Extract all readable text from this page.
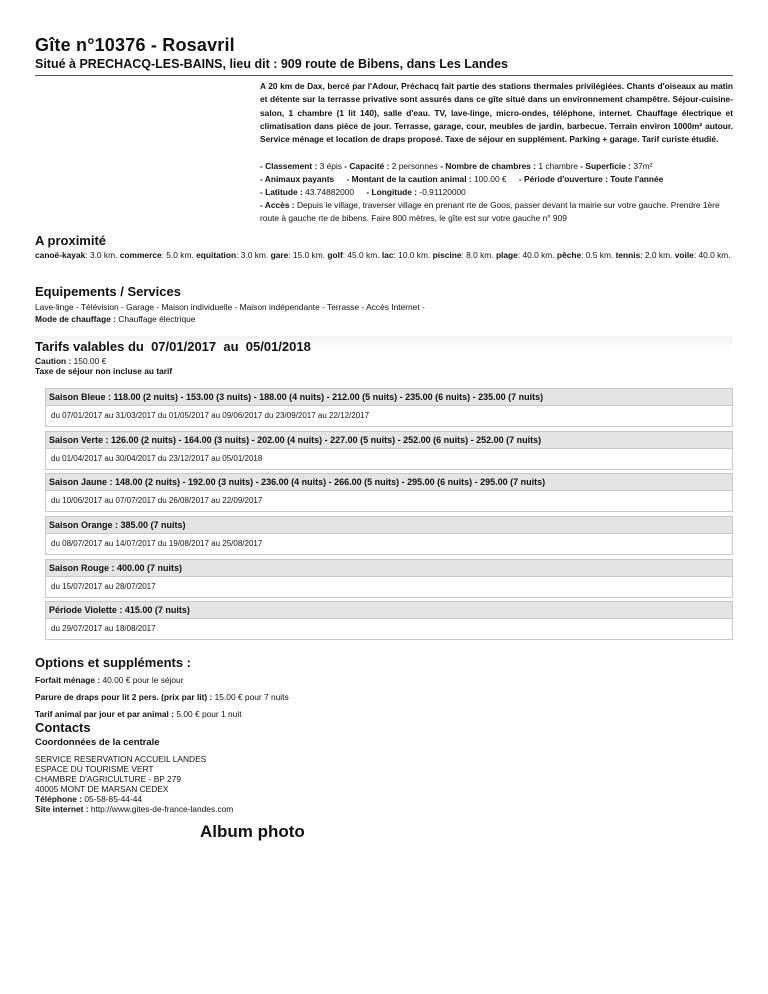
Gîte n°10376 - Rosavril

Situé à PRECHACQ-LES-BAINS, lieu dit : 909 route de Bibens, dans Les Landes

A 20 km de Dax, bercé par l'Adour, Préchacq fait partie des stations thermales privilégiées. Chants d'oiseaux au matin et détente sur la terrasse privative sont assurés dans ce gîte situé dans un environnement champêtre. Séjour-cuisine-salon, 1 chambre (1 lit 140), salle d'eau. TV, lave-linge, micro-ondes, téléphone, internet. Chauffage électrique et climatisation dans pièce de jour. Terrasse, garage, cour, meubles de jardin, barbecue. Terrain environ 1000m² autour. Service ménage et location de draps proposé. Taxe de séjour en supplément. Parking + garage. Tarif curiste étudié.

- Classement : 3 épis - Capacité : 2 personnes - Nombre de chambres : 1 chambre - Superficie : 37m²
- Animaux payants - Montant de la caution animal : 100.00 € - Période d'ouverture : Toute l'année
- Latitude : 43.74882000 - Longitude : -0.91120000
- Accès : Depuis le village, traverser village en prenant rte de Goos, passer devant la mairie sur votre gauche. Prendre 1ère route à gauche rte de bibens. Faire 800 mètres, le gîte est sur votre gauche n° 909
A proximité

canoë-kayak: 3.0 km. commerce: 5.0 km. equitation: 3.0 km. gare: 15.0 km. golf: 45.0 km. lac: 10.0 km. piscine: 8.0 km. plage: 40.0 km. pêche: 0.5 km. tennis: 2.0 km. voile: 40.0 km.

Equipements / Services
Lave-linge - Télévision - Garage - Maison individuelle - Maison indépendante - Terrasse - Accès Internet -
Mode de chauffage : Chauffage électrique
Tarifs valables du  07/01/2017  au  05/01/2018
Caution : 150.00 €
Taxe de séjour non incluse au tarif
Saison Bleue : 118.00 (2 nuits) - 153.00 (3 nuits) - 188.00 (4 nuits) - 212.00 (5 nuits) - 235.00 (6 nuits) - 235.00 (7 nuits)
du 07/01/2017 au 31/03/2017 du 01/05/2017 au 09/06/2017 du 23/09/2017 au 22/12/2017
Saison Verte : 126.00 (2 nuits) - 164.00 (3 nuits) - 202.00 (4 nuits) - 227.00 (5 nuits) - 252.00 (6 nuits) - 252.00 (7 nuits)
du 01/04/2017 au 30/04/2017 du 23/12/2017 au 05/01/2018
Saison Jaune : 148.00 (2 nuits) - 192.00 (3 nuits) - 236.00 (4 nuits) - 266.00 (5 nuits) - 295.00 (6 nuits) - 295.00 (7 nuits)
du 10/06/2017 au 07/07/2017 du 26/08/2017 au 22/09/2017
Saison Orange : 385.00 (7 nuits)
du 08/07/2017 au 14/07/2017 du 19/08/2017 au 25/08/2017
Saison Rouge : 400.00 (7 nuits)
du 15/07/2017 au 28/07/2017
Période Violette : 415.00 (7 nuits)
du 29/07/2017 au 18/08/2017
Options et suppléments :
Forfait ménage : 40.00 € pour le séjour
Parure de draps pour lit 2 pers. (prix par lit) : 15.00 € pour 7 nuits
Tarif animal par jour et par animal : 5.00 € pour 1 nuit
Contacts
Coordonnées de la centrale
SERVICE RESERVATION ACCUEIL LANDES
ESPACE DU TOURISME VERT
CHAMBRE D'AGRICULTURE - BP 279
40005 MONT DE MARSAN CEDEX
Téléphone : 05-58-85-44-44
Site internet : http://www.gites-de-france-landes.com
Album photo
